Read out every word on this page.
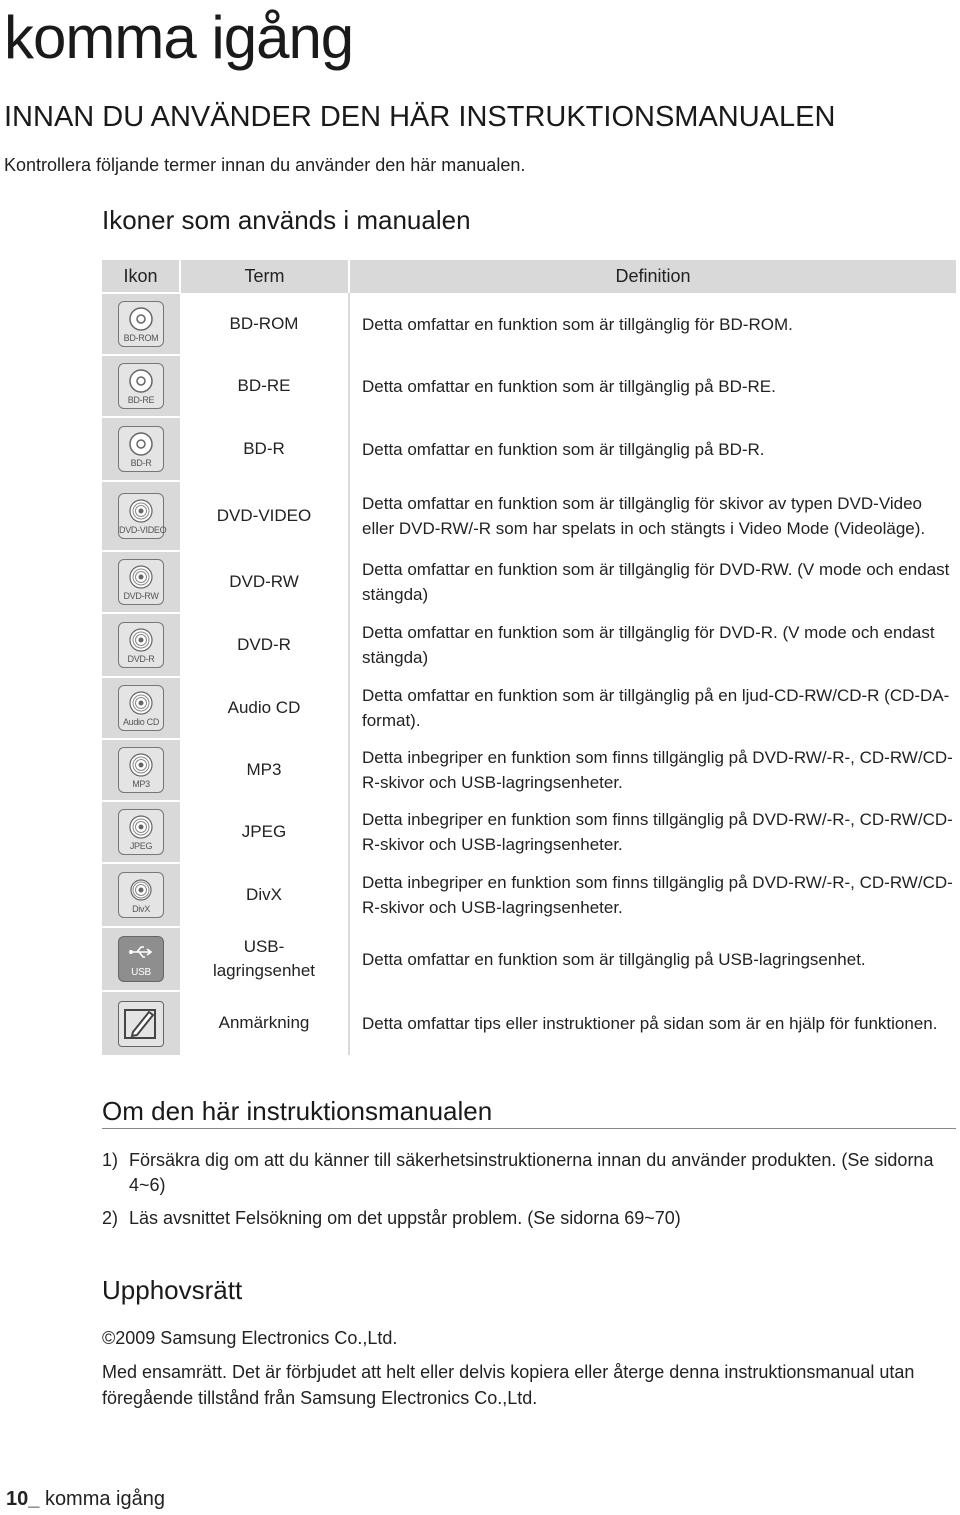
komma igång
INNAN DU ANVÄNDER DEN HÄR INSTRUKTIONSMANUALEN

Kontrollera följande termer innan du använder den här manualen.

Ikoner som används i manualen
Ikon	Term	Definition

BD-ROM	BD-ROM	Detta omfattar en funktion som är tillgänglig för BD-ROM.

BD-RE	BD-RE	Detta omfattar en funktion som är tillgänglig på BD-RE.

BD-R	BD-R	Detta omfattar en funktion som är tillgänglig på BD-R.

DVD-VIDEO	DVD-VIDEO	Detta omfattar en funktion som är tillgänglig för skivor av typen DVD-Video eller DVD-RW/-R som har spelats in och stängts i Video Mode (Videoläge).

DVD-RW	DVD-RW	Detta omfattar en funktion som är tillgänglig för DVD-RW. (V mode och endast stängda)

DVD-R	DVD-R	Detta omfattar en funktion som är tillgänglig för DVD-R. (V mode och endast stängda)

Audio CD	Audio CD	Detta omfattar en funktion som är tillgänglig på en ljud-CD-RW/CD-R (CD-DA-format).

MP3	MP3	Detta inbegriper en funktion som finns tillgänglig på DVD-RW/-R-, CD-RW/CD-R-skivor och USB-lagringsenheter.

JPEG	JPEG	Detta inbegriper en funktion som finns tillgänglig på DVD-RW/-R-, CD-RW/CD-R-skivor och USB-lagringsenheter.

DivX	DivX	Detta inbegriper en funktion som finns tillgänglig på DVD-RW/-R-, CD-RW/CD-R-skivor och USB-lagringsenheter.

USB	USB-lagringsenhet	Detta omfattar en funktion som är tillgänglig på USB-lagringsenhet.

	Anmärkning	Detta omfattar tips eller instruktioner på sidan som är en hjälp för funktionen.
Om den här instruktionsmanualen
1) Försäkra dig om att du känner till säkerhetsinstruktionerna innan du använder produkten. (Se sidorna 4~6)
2) Läs avsnittet Felsökning om det uppstår problem. (Se sidorna 69~70)
Upphovsrätt

©2009 Samsung Electronics Co.,Ltd.

Med ensamrätt. Det är förbjudet att helt eller delvis kopiera eller återge denna instruktionsmanual utan föregående tillstånd från Samsung Electronics Co.,Ltd.

10_ komma igång
